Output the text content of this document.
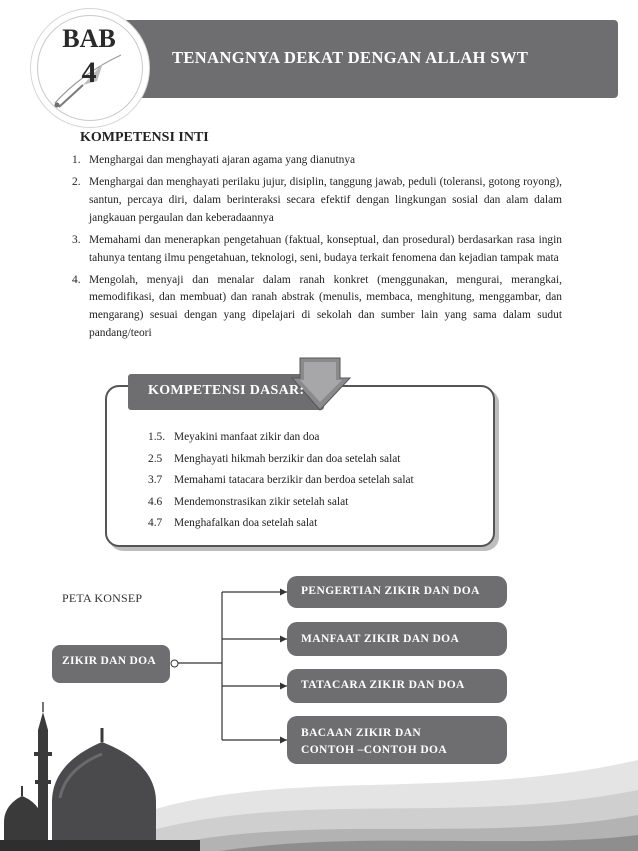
TENANGNYA DEKAT DENGAN ALLAH SWT
BAB
4
KOMPETENSI INTI
1. Menghargai dan menghayati ajaran agama yang dianutnya
2. Menghargai dan menghayati perilaku jujur, disiplin, tanggung jawab, peduli (toleransi, gotong royong), santun, percaya diri, dalam berinteraksi secara efektif dengan lingkungan sosial dan alam dalam jangkauan pergaulan dan keberadaannya
3. Memahami dan menerapkan pengetahuan (faktual, konseptual, dan prosedural) berdasarkan rasa ingin tahunya tentang ilmu pengetahuan, teknologi, seni, budaya terkait fenomena dan kejadian tampak mata
4. Mengolah, menyaji dan menalar dalam ranah konkret (menggunakan, mengurai, merangkai, memodifikasi, dan membuat) dan ranah abstrak (menulis, membaca, menghitung, menggambar, dan mengarang) sesuai dengan yang dipelajari di sekolah dan sumber lain yang sama dalam sudut pandang/teori
KOMPETENSI DASAR:
1.5. Meyakini manfaat zikir dan doa
2.5	Menghayati hikmah berzikir dan doa setelah salat
3.7	Memahami tatacara berzikir dan berdoa setelah salat
4.6	Mendemonstrasikan zikir setelah salat
4.7	Menghafalkan doa setelah salat
PETA KONSEP
ZIKIR DAN DOA
PENGERTIAN ZIKIR DAN DOA
MANFAAT ZIKIR DAN DOA
TATACARA ZIKIR DAN DOA
BACAAN ZIKIR DAN
CONTOH –CONTOH DOA
